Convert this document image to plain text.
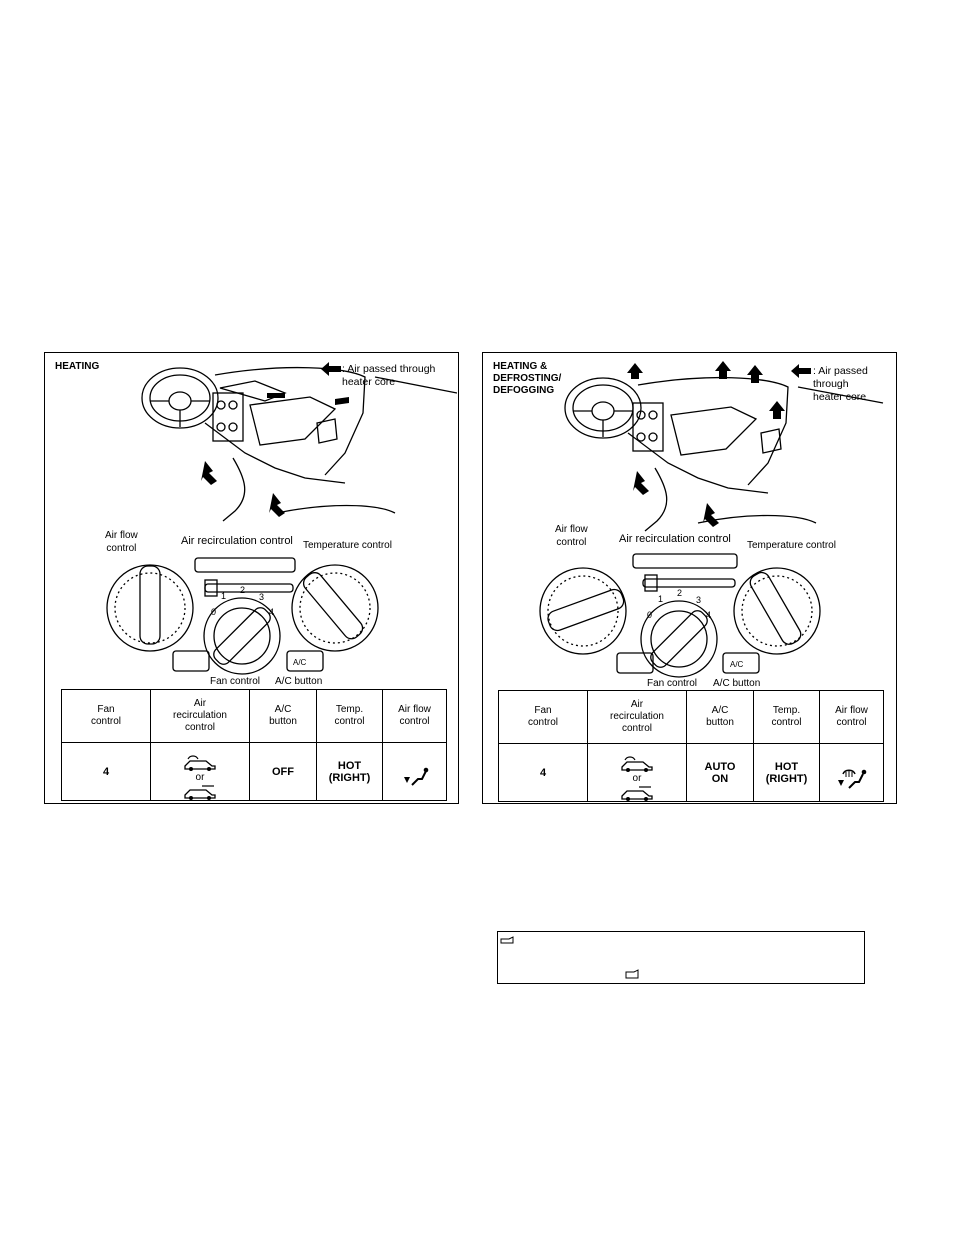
HEATING	: Air passed through
heater core
0
1
2
3
4
A/C
Air flow
control
Air recirculation control Temperature control
Fan control A/C button
Fan
control	Air
recirculation
control	A/C
button	Temp.
control	Air flow
control
4	or	OFF	HOT
(RIGHT)	

HEATING &
DEFROSTING/
DEFOGGING
: Air passed
through
heater core
0
1
2
3
4
A/C
Air flow
control	Air recirculation control
Temperature control
Fan control A/C button
Fan
control	Air
recirculation
control	A/C
button	Temp.
control	Air flow
control
4	or	AUTO
ON	HOT
(RIGHT)	
